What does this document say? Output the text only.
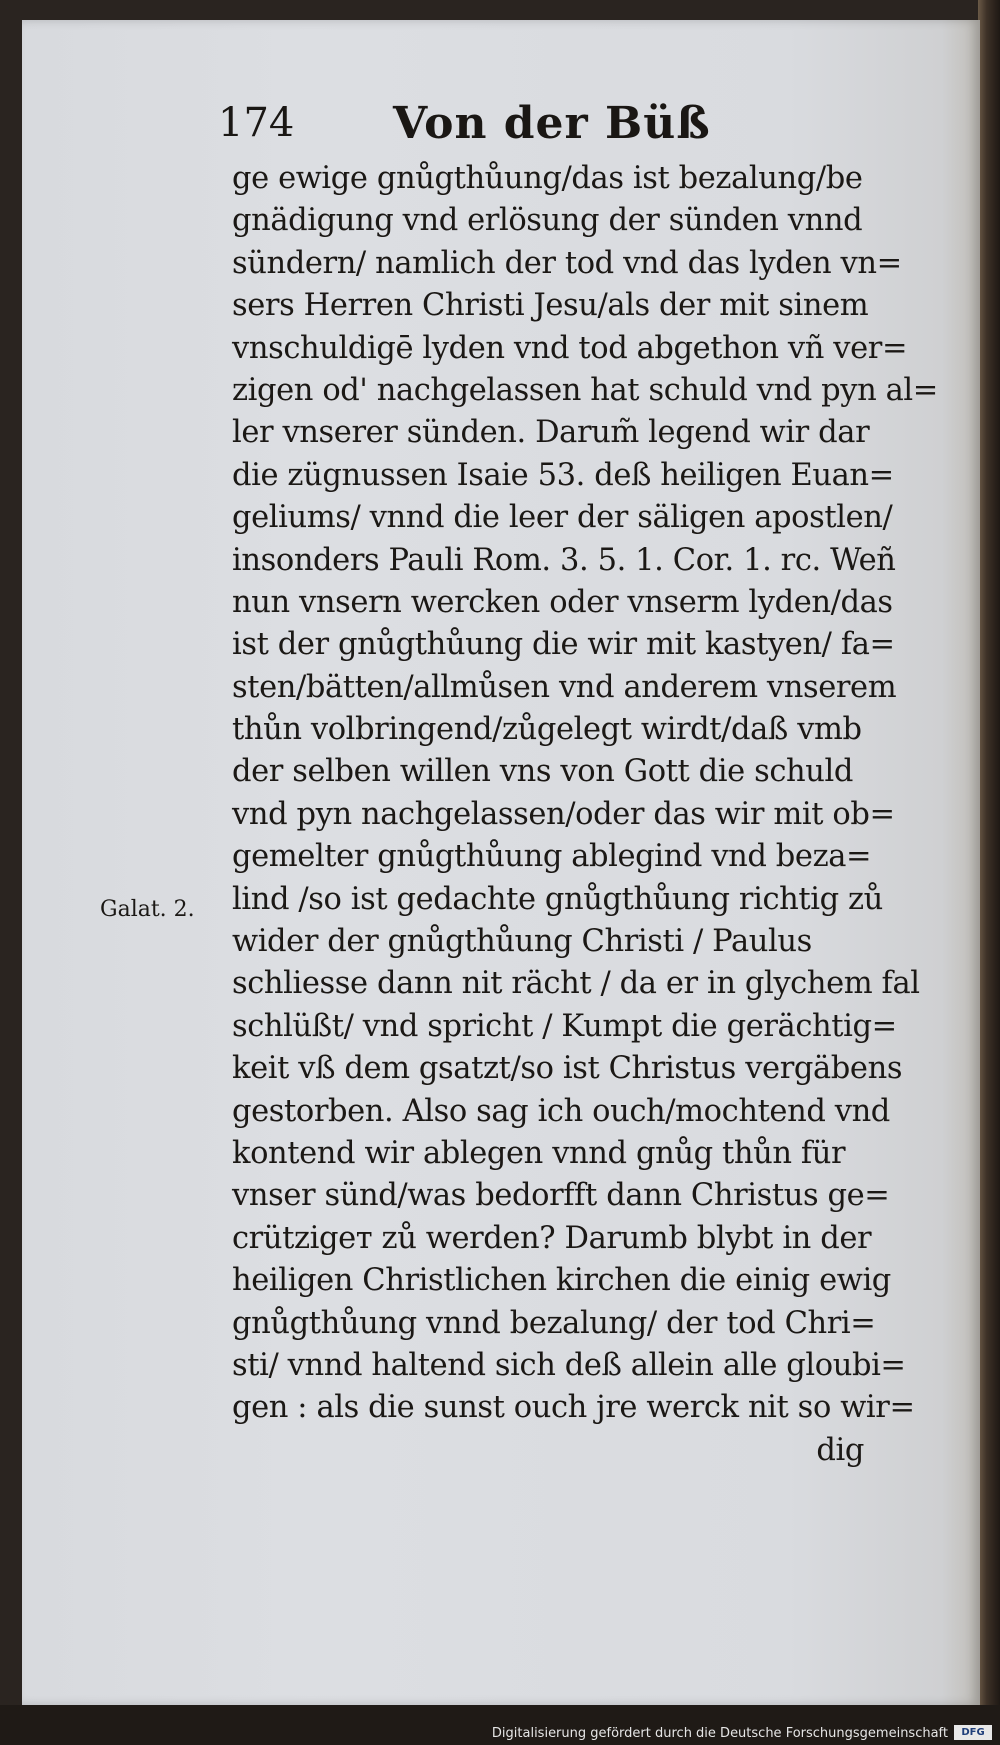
174 Von der Büß
Galat. 2.
ge ewige gnůgthůung/das ist bezalung/be
gnädigung vnd erlösung der sünden vnnd
sündern/ namlich der tod vnd das lyden vn=
sers Herren Christi Jesu/als der mit sinem
vnschuldigē lyden vnd tod abgethon vñ ver=
zigen od' nachgelassen hat schuld vnd pyn al=
ler vnserer sünden. Darum̃ legend wir dar
die zügnussen Isaie 53. deß heiligen Euan=
geliums/ vnnd die leer der säligen apostlen/
insonders Pauli Rom. 3. 5. 1. Cor. 1. rc. Weñ
nun vnsern wercken oder vnserm lyden/das
ist der gnůgthůung die wir mit kastyen/ fa=
sten/bätten/allmůsen vnd anderem vnserem
thůn volbringend/zůgelegt wirdt/daß vmb
der selben willen vns von Gott die schuld
vnd pyn nachgelassen/oder das wir mit ob=
gemelter gnůgthůung ablegind vnd beza=
lind /so ist gedachte gnůgthůung richtig zů
wider der gnůgthůung Christi / Paulus
schliesse dann nit rächt / da er in glychem fal
schlüßt/ vnd spricht / Kumpt die gerächtig=
keit vß dem gsatzt/so ist Christus vergäbens
gestorben. Also sag ich ouch/mochtend vnd
kontend wir ablegen vnnd gnůg thůn für
vnser sünd/was bedorfft dann Christus ge=
crützigет zů werden? Darumb blybt in der
heiligen Christlichen kirchen die einig ewig
gnůgthůung vnnd bezalung/ der tod Chri=
sti/ vnnd haltend sich deß allein alle gloubi=
gen : als die sunst ouch jre werck nit so wir=
dig
Digitalisierung gefördert durch die Deutsche Forschungsgemeinschaft	DFG
